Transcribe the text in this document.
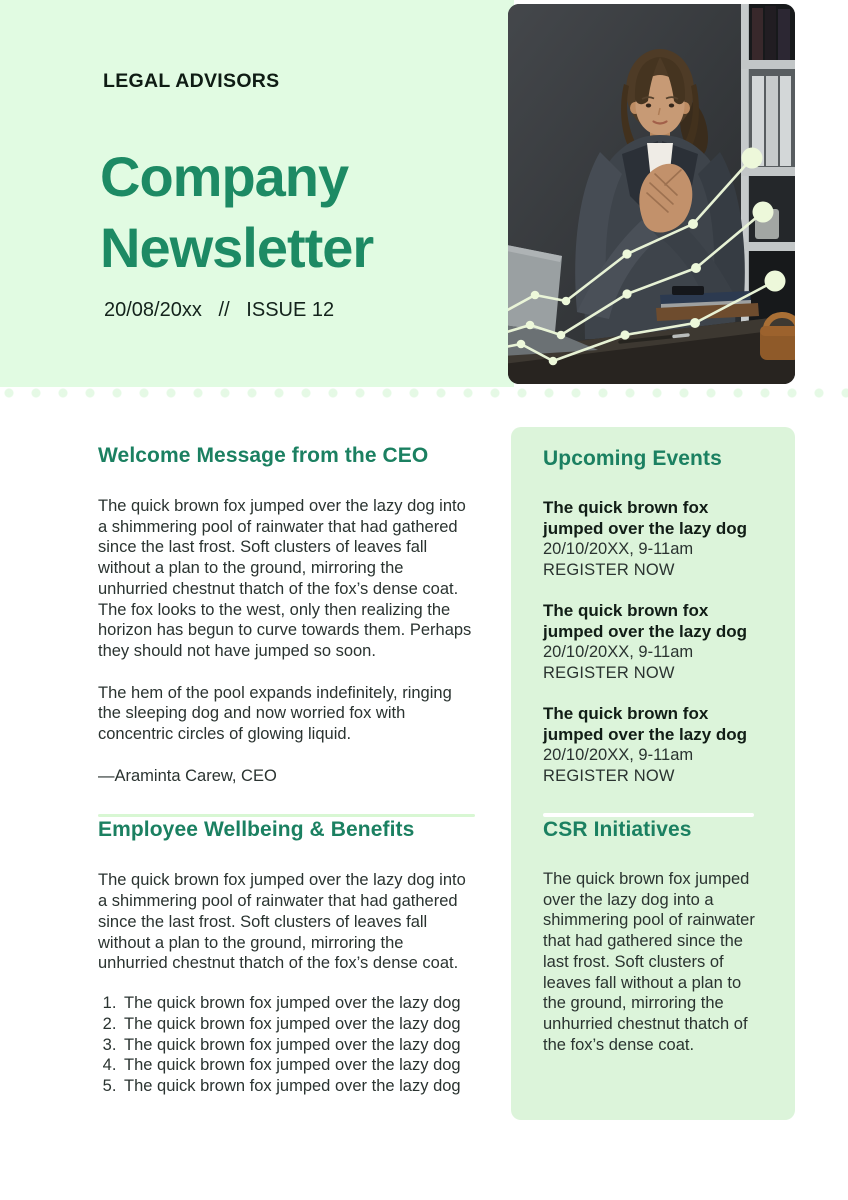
LEGAL ADVISORS
Company Newsletter
20/08/20xx   //   ISSUE 12
Welcome Message from the CEO

The quick brown fox jumped over the lazy dog into a shimmering pool of rainwater that had gathered since the last frost. Soft clusters of leaves fall without a plan to the ground, mirroring the unhurried chestnut thatch of the fox’s dense coat. The fox looks to the west, only then realizing the horizon has begun to curve towards them. Perhaps they should not have jumped so soon.

The hem of the pool expands indefinitely, ringing the sleeping dog and now worried fox with concentric circles of glowing liquid.

—Araminta Carew, CEO

Employee Wellbeing & Benefits

The quick brown fox jumped over the lazy dog into a shimmering pool of rainwater that had gathered since the last frost. Soft clusters of leaves fall without a plan to the ground, mirroring the unhurried chestnut thatch of the fox’s dense coat.

1. The quick brown fox jumped over the lazy dog
2. The quick brown fox jumped over the lazy dog
3. The quick brown fox jumped over the lazy dog
4. The quick brown fox jumped over the lazy dog
5. The quick brown fox jumped over the lazy dog
Upcoming Events

The quick brown fox jumped over the lazy dog

20/10/20XX, 9-11am

REGISTER NOW

The quick brown fox jumped over the lazy dog

20/10/20XX, 9-11am

REGISTER NOW

The quick brown fox jumped over the lazy dog

20/10/20XX, 9-11am

REGISTER NOW

CSR Initiatives

The quick brown fox jumped over the lazy dog into a shimmering pool of rainwater that had gathered since the last frost. Soft clusters of leaves fall without a plan to the ground, mirroring the unhurried chestnut thatch of the fox’s dense coat.
